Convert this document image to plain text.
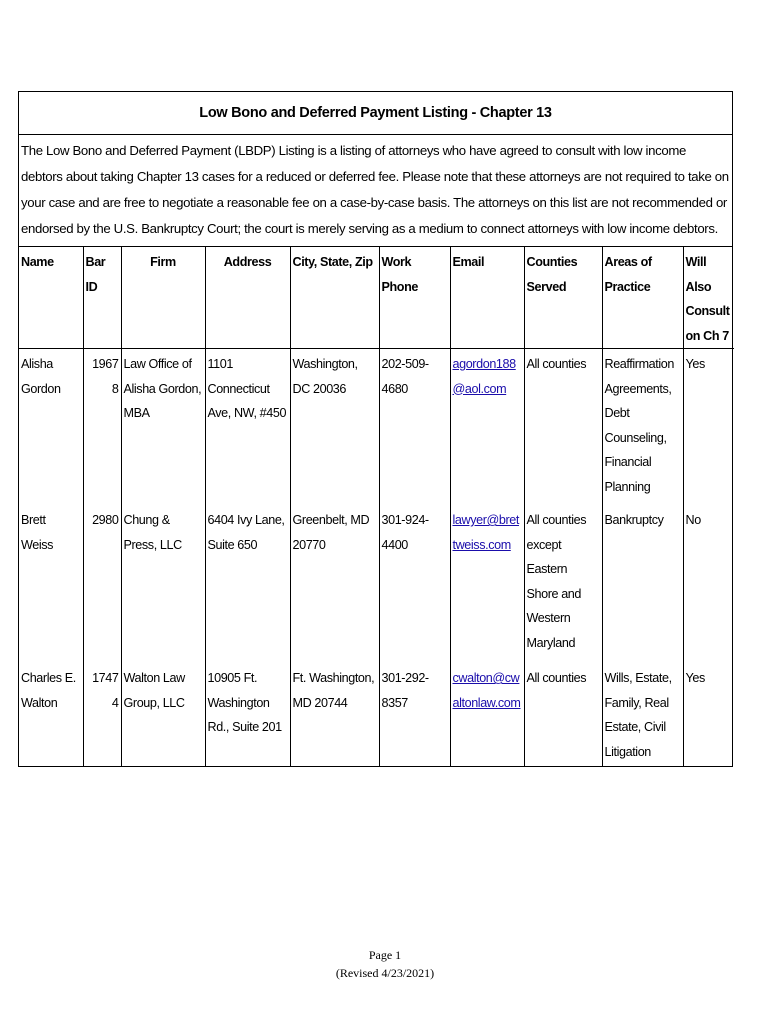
Low Bono and Deferred Payment Listing - Chapter 13
The Low Bono and Deferred Payment (LBDP) Listing is a listing of attorneys who have agreed to consult with low income debtors about taking Chapter 13 cases for a reduced or deferred fee. Please note that these attorneys are not required to take on your case and are free to negotiate a reasonable fee on a case-by-case basis. The attorneys on this list are not recommended or endorsed by the U.S. Bankruptcy Court; the court is merely serving as a medium to connect attorneys with low income debtors.
Name	Bar ID	Firm	Address	City, State, Zip	Work Phone	Email	Counties Served	Areas of Practice	Will Also Consult on Ch 7
Alisha Gordon	19678	Law Office of Alisha Gordon, MBA	1101 Connecticut Ave, NW, #450	Washington, DC 20036	202-509-4680	agordon188@aol.com	All counties	Reaffirmation Agreements, Debt Counseling, Financial Planning	Yes
Brett Weiss	2980	Chung & Press, LLC	6404 Ivy Lane, Suite 650	Greenbelt, MD 20770	301-924-4400	lawyer@brettweiss.com	All counties except Eastern Shore and Western Maryland	Bankruptcy	No
Charles E. Walton	17474	Walton Law Group, LLC	10905 Ft. Washington Rd., Suite 201	Ft. Washington, MD 20744	301-292-8357	cwalton@cwaltonlaw.com	All counties	Wills, Estate, Family, Real Estate, Civil Litigation	Yes
Page 1
(Revised 4/23/2021)
